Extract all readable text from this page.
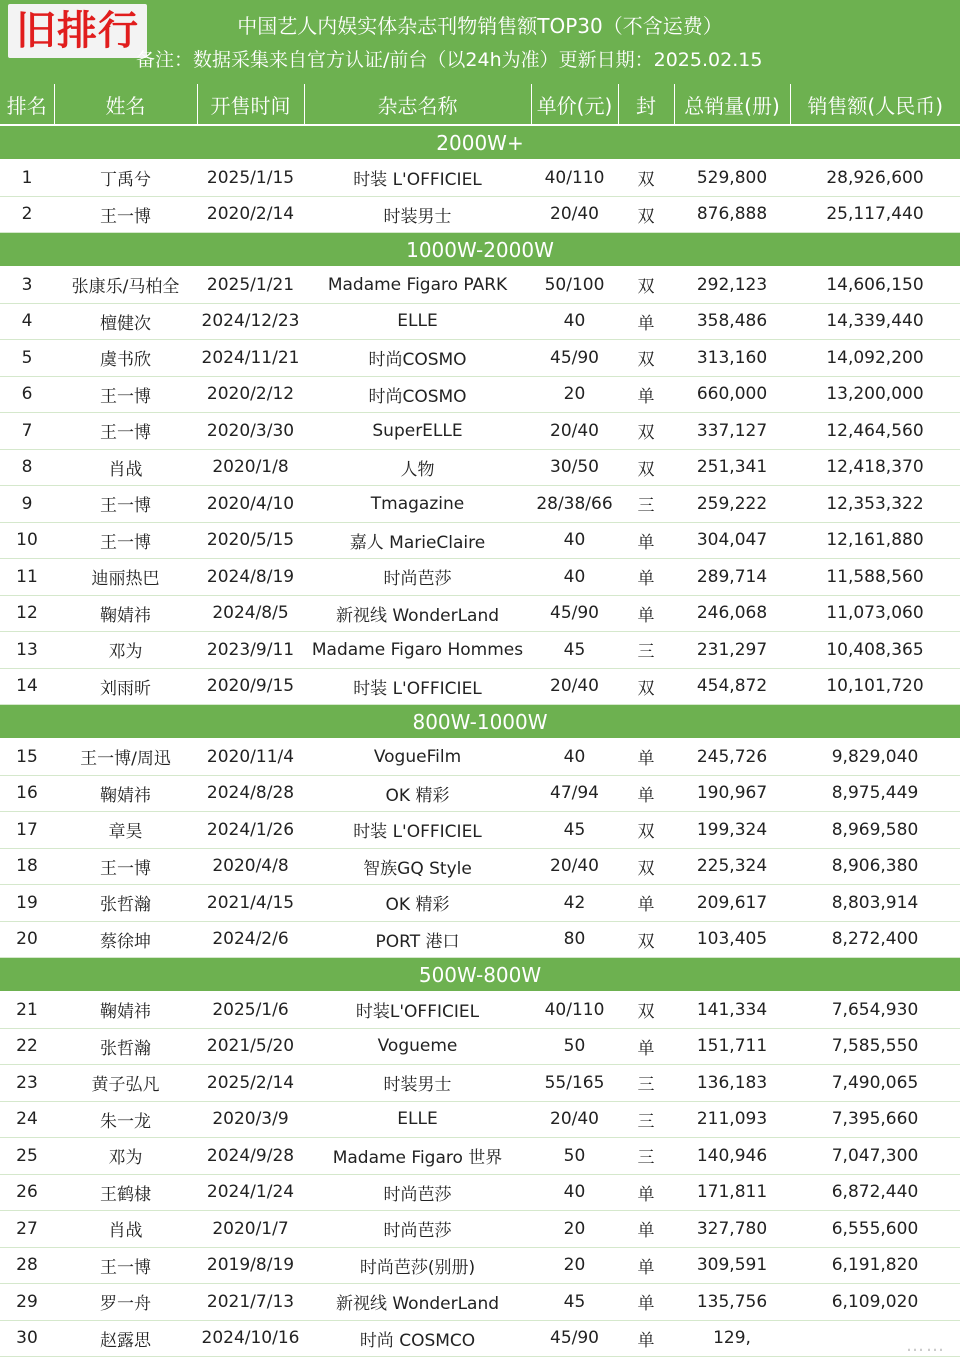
旧排行	中国艺人内娱实体杂志刊物销售额TOP30（不含运费）
备注：数据采集来自官方认证/前台（以24h为准）更新日期：2025.02.15
排名	姓名	开售时间	杂志名称	单价(元)	封	总销量(册)	销售额(人民币)
2000W+							
1	丁禹兮	2025/1/15	时装 L'OFFICIEL	40/110	双	529,800	28,926,600
2	王一博	2020/2/14	时装男士	20/40	双	876,888	25,117,440
1000W-2000W							
3	张康乐/马柏全	2025/1/21	Madame Figaro PARK	50/100	双	292,123	14,606,150
4	檀健次	2024/12/23	ELLE	40	单	358,486	14,339,440
5	虞书欣	2024/11/21	时尚COSMO	45/90	双	313,160	14,092,200
6	王一博	2020/2/12	时尚COSMO	20	单	660,000	13,200,000
7	王一博	2020/3/30	SuperELLE	20/40	双	337,127	12,464,560
8	肖战	2020/1/8	人物	30/50	双	251,341	12,418,370
9	王一博	2020/4/10	Tmagazine	28/38/66	三	259,222	12,353,322
10	王一博	2020/5/15	嘉人 MarieClaire	40	单	304,047	12,161,880
11	迪丽热巴	2024/8/19	时尚芭莎	40	单	289,714	11,588,560
12	鞠婧祎	2024/8/5	新视线 WonderLand	45/90	单	246,068	11,073,060
13	邓为	2023/9/11	Madame Figaro Hommes	45	三	231,297	10,408,365
14	刘雨昕	2020/9/15	时装 L'OFFICIEL	20/40	双	454,872	10,101,720
800W-1000W							
15	王一博/周迅	2020/11/4	VogueFilm	40	单	245,726	9,829,040
16	鞠婧祎	2024/8/28	OK 精彩	47/94	单	190,967	8,975,449
17	章昊	2024/1/26	时装 L'OFFICIEL	45	双	199,324	8,969,580
18	王一博	2020/4/8	智族GQ Style	20/40	双	225,324	8,906,380
19	张哲瀚	2021/4/15	OK 精彩	42	单	209,617	8,803,914
20	蔡徐坤	2024/2/6	PORT 港口	80	双	103,405	8,272,400
500W-800W							
21	鞠婧祎	2025/1/6	时装L'OFFICIEL	40/110	双	141,334	7,654,930
22	张哲瀚	2021/5/20	Vogueme	50	单	151,711	7,585,550
23	黄子弘凡	2025/2/14	时装男士	55/165	三	136,183	7,490,065
24	朱一龙	2020/3/9	ELLE	20/40	三	211,093	7,395,660
25	邓为	2024/9/28	Madame Figaro 世界	50	三	140,946	7,047,300
26	王鹤棣	2024/1/24	时尚芭莎	40	单	171,811	6,872,440
27	肖战	2020/1/7	时尚芭莎	20	单	327,780	6,555,600
28	王一博	2019/8/19	时尚芭莎(别册)	20	单	309,591	6,191,820
29	罗一舟	2021/7/13	新视线 WonderLand	45	单	135,756	6,109,020
30	赵露思	2024/10/16	时尚 COSMCO	45/90	单	129,		……
